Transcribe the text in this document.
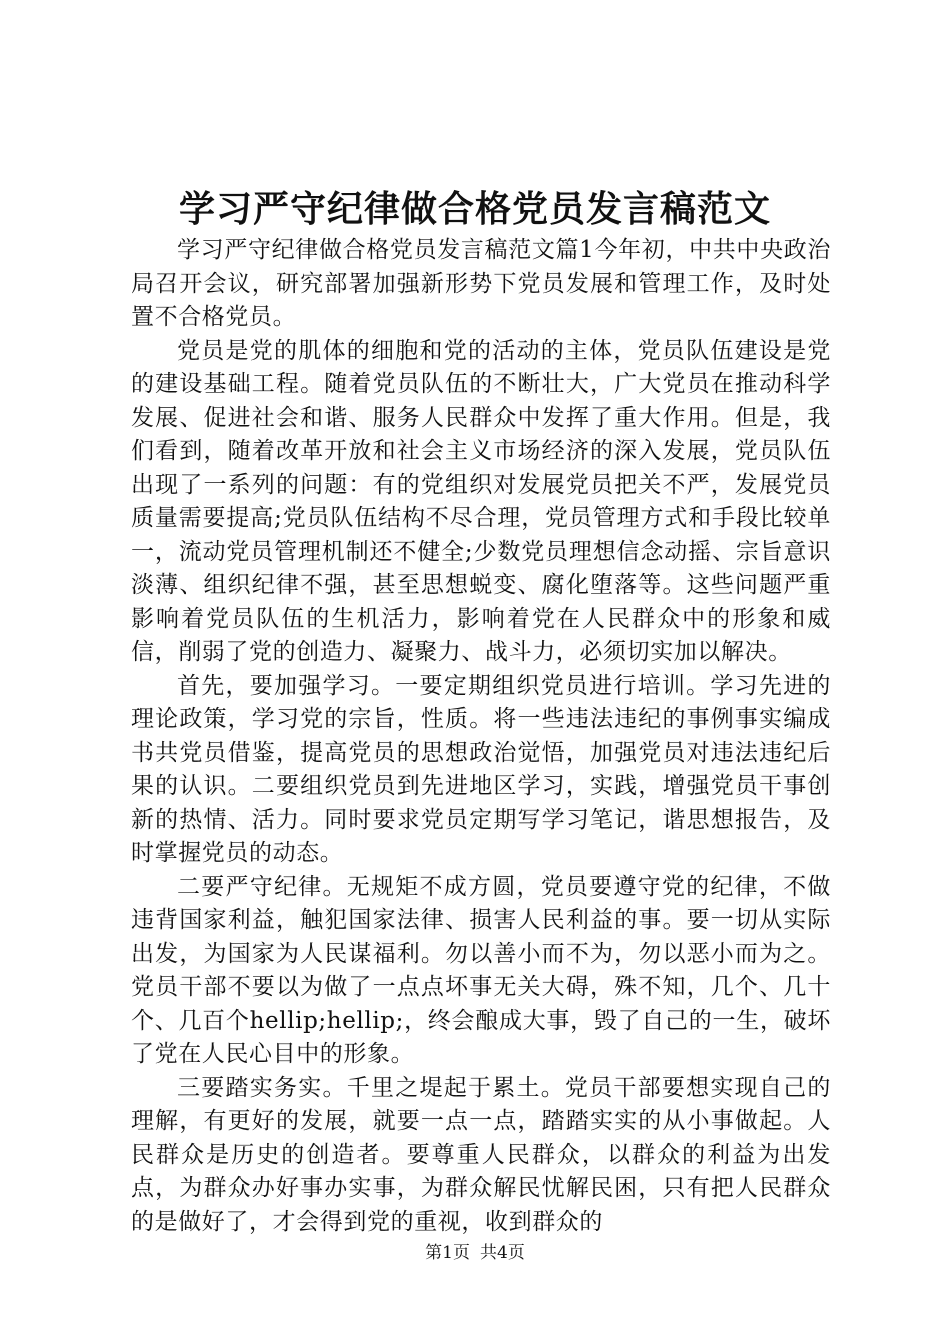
学习严守纪律做合格党员发言稿范文

学习严守纪律做合格党员发言稿范文篇1今年初，中共中央政治局召开会议，研究部署加强新形势下党员发展和管理工作，及时处置不合格党员。

党员是党的肌体的细胞和党的活动的主体，党员队伍建设是党的建设基础工程。随着党员队伍的不断壮大，广大党员在推动科学发展、促进社会和谐、服务人民群众中发挥了重大作用。但是，我们看到，随着改革开放和社会主义市场经济的深入发展，党员队伍出现了一系列的问题：有的党组织对发展党员把关不严，发展党员质量需要提高;党员队伍结构不尽合理，党员管理方式和手段比较单一，流动党员管理机制还不健全;少数党员理想信念动摇、宗旨意识淡薄、组织纪律不强，甚至思想蜕变、腐化堕落等。这些问题严重影响着党员队伍的生机活力，影响着党在人民群众中的形象和威信，削弱了党的创造力、凝聚力、战斗力，必须切实加以解决。

首先，要加强学习。一要定期组织党员进行培训。学习先进的理论政策，学习党的宗旨，性质。将一些违法违纪的事例事实编成书共党员借鉴，提高党员的思想政治觉悟，加强党员对违法违纪后果的认识。二要组织党员到先进地区学习，实践，增强党员干事创新的热情、活力。同时要求党员定期写学习笔记，谐思想报告，及时掌握党员的动态。

二要严守纪律。无规矩不成方圆，党员要遵守党的纪律，不做违背国家利益，触犯国家法律、损害人民利益的事。要一切从实际出发，为国家为人民谋福利。勿以善小而不为，勿以恶小而为之。党员干部不要以为做了一点点坏事无关大碍，殊不知，几个、几十个、几百个hellip;hellip;，终会酿成大事，毁了自己的一生，破坏了党在人民心目中的形象。

三要踏实务实。千里之堤起于累土。党员干部要想实现自己的理解，有更好的发展，就要一点一点，踏踏实实的从小事做起。人民群众是历史的创造者。要尊重人民群众，以群众的利益为出发点，为群众办好事办实事，为群众解民忧解民困，只有把人民群众的是做好了，才会得到党的重视，收到群众的

第1页 共4页
